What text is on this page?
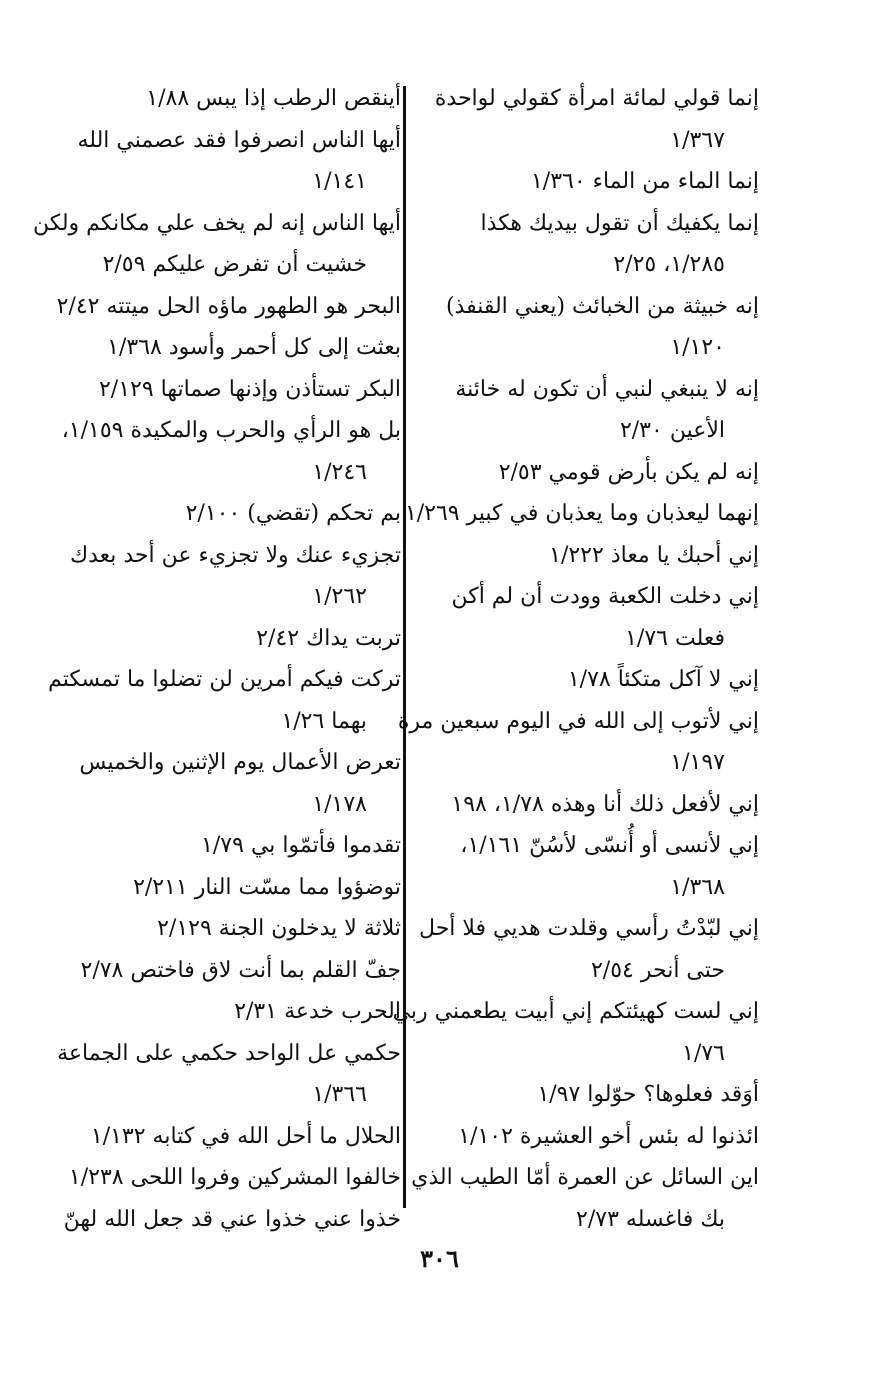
إنما قولي لمائة امرأة كقولي لواحدة
١/٣٦٧
إنما الماء من الماء ١/٣٦٠
إنما يكفيك أن تقول بيديك هكذا
١/٢٨٥، ٢/٢٥
إنه خبيثة من الخبائث (يعني القنفذ)
١/١٢٠
إنه لا ينبغي لنبي أن تكون له خائنة
الأعين ٢/٣٠
إنه لم يكن بأرض قومي ٢/٥٣
إنهما ليعذبان وما يعذبان في كبير ١/٢٦٩
إني أحبك يا معاذ ١/٢٢٢
إني دخلت الكعبة وودت أن لم أكن
فعلت ١/٧٦
إني لا آكل متكئاً ١/٧٨
إني لأتوب إلى الله في اليوم سبعين مرة
١/١٩٧
إني لأفعل ذلك أنا وهذه ١/٧٨، ١٩٨
إني لأنسى أو أُنسّى لأسُنّ ١/١٦١،
١/٣٦٨
إني لبّدْتُ رأسي وقلدت هديي فلا أحل
حتى أنحر ٢/٥٤
إني لست كهيئتكم إني أبيت يطعمني ربي
١/٧٦
أوَقد فعلوها؟ حوّلوا ١/٩٧
ائذنوا له بئس أخو العشيرة ١/١٠٢
اين السائل عن العمرة أمّا الطيب الذي
بك فاغسله ٢/٧٣
أينقص الرطب إذا يبس ١/٨٨
أيها الناس انصرفوا فقد عصمني الله
١/١٤١
أيها الناس إنه لم يخف علي مكانكم ولكن
خشيت أن تفرض عليكم ٢/٥٩
البحر هو الطهور ماؤه الحل ميتته ٢/٤٢
بعثت إلى كل أحمر وأسود ١/٣٦٨
البكر تستأذن وإذنها صماتها ٢/١٢٩
بل هو الرأي والحرب والمكيدة ١/١٥٩،
١/٢٤٦
بم تحكم (تقضي) ٢/١٠٠
تجزيء عنك ولا تجزيء عن أحد بعدك
١/٢٦٢
تربت يداك ٢/٤٢
تركت فيكم أمرين لن تضلوا ما تمسكتم
بهما ١/٢٦
تعرض الأعمال يوم الإثنين والخميس
١/١٧٨
تقدموا فأتمّوا بي ١/٧٩
توضؤوا مما مسّت النار ٢/٢١١
ثلاثة لا يدخلون الجنة ٢/١٢٩
جفّ القلم بما أنت لاق فاختص ٢/٧٨
الحرب خدعة ٢/٣١
حكمي عل الواحد حكمي على الجماعة
١/٣٦٦
الحلال ما أحل الله في كتابه ١/١٣٢
خالفوا المشركين وفروا اللحى ١/٢٣٨
خذوا عني خذوا عني قد جعل الله لهنّ
٣٠٦
